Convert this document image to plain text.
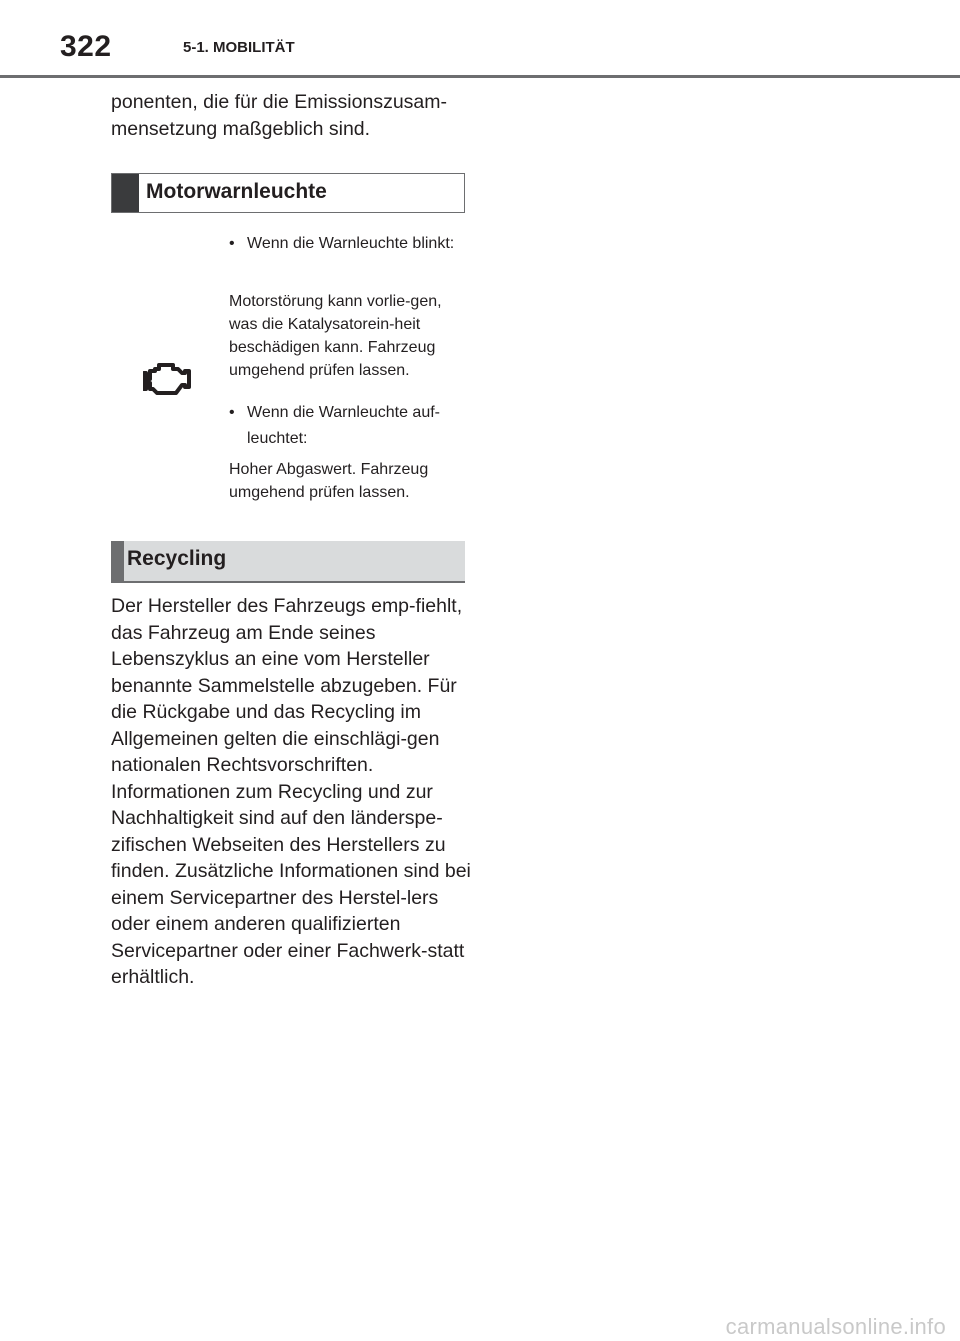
322	5-1. MOBILITÄT
ponenten, die für die Emissionszusam-mensetzung maßgeblich sind.
Motorwarnleuchte
• Wenn die Warnleuchte blinkt:
Motorstörung kann vorlie-gen, was die Katalysatorein-heit beschädigen kann. Fahrzeug umgehend prüfen lassen.
• Wenn die Warnleuchte auf-leuchtet:
Hoher Abgaswert. Fahrzeug umgehend prüfen lassen.
Recycling
Der Hersteller des Fahrzeugs emp-fiehlt, das Fahrzeug am Ende seines Lebenszyklus an eine vom Hersteller benannte Sammelstelle abzugeben. Für die Rückgabe und das Recycling im Allgemeinen gelten die einschlägi-gen nationalen Rechtsvorschriften. Informationen zum Recycling und zur Nachhaltigkeit sind auf den länderspe-zifischen Webseiten des Herstellers zu finden. Zusätzliche Informationen sind bei einem Servicepartner des Herstel-lers oder einem anderen qualifizierten Servicepartner oder einer Fachwerk-statt erhältlich.
carmanualsonline.info
